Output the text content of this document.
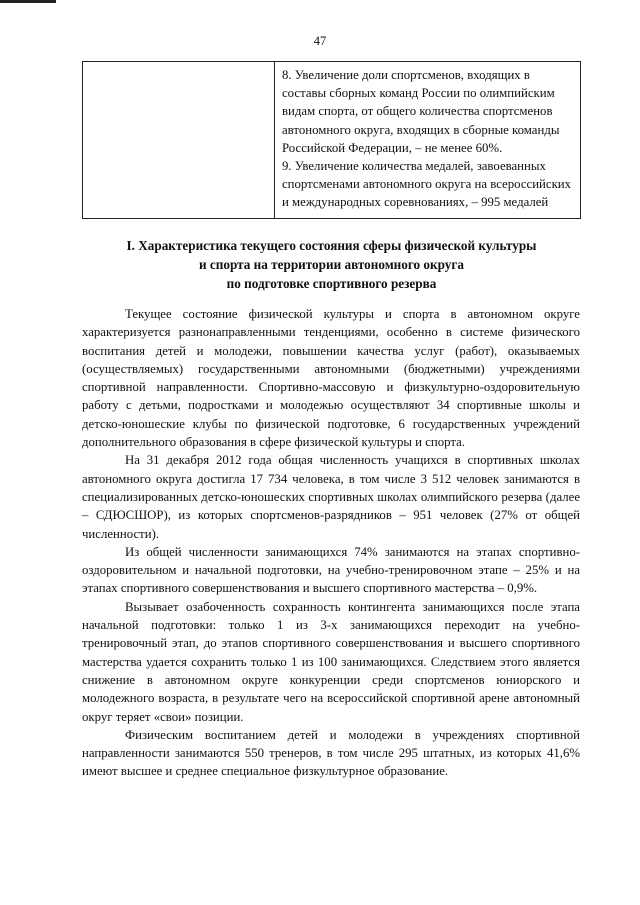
47

8. Увеличение доли спортсменов, входящих в составы сборных команд России по олимпийским видам спорта, от общего количества спортсменов автономного округа, входящих в сборные команды Российской Федерации, – не менее 60%.

9. Увеличение количества медалей, завоеванных спортсменами автономного округа на всероссийских и международных соревнованиях, – 995 медалей

I. Характеристика текущего состояния сферы физической культуры
и спорта на территории автономного округа
по подготовке спортивного резерва

Текущее состояние физической культуры и спорта в автономном округе характеризуется разнонаправленными тенденциями, особенно в системе физического воспитания детей и молодежи, повышении качества услуг (работ), оказываемых (осуществляемых) государственными автономными (бюджетными) учреждениями спортивной направленности. Спортивно-массовую и физкультурно-оздоровительную работу с детьми, подростками и молодежью осуществляют 34 спортивные школы и детско-юношеские клубы по физической подготовке, 6 государственных учреждений дополнительного образования в сфере физической культуры и спорта.

На 31 декабря 2012 года общая численность учащихся в спортивных школах автономного округа достигла 17 734 человека, в том числе 3 512 человек занимаются в специализированных детско-юношеских спортивных школах олимпийского резерва (далее – СДЮСШОР), из которых спортсменов-разрядников – 951 человек (27% от общей численности).

Из общей численности занимающихся 74% занимаются на этапах спортивно-оздоровительном и начальной подготовки, на учебно-тренировочном этапе – 25% и на этапах спортивного совершенствования и высшего спортивного мастерства – 0,9%.

Вызывает озабоченность сохранность контингента занимающихся после этапа начальной подготовки: только 1 из 3-х занимающихся переходит на учебно-тренировочный этап, до этапов спортивного совершенствования и высшего спортивного мастерства удается сохранить только 1 из 100 занимающихся. Следствием этого является снижение в автономном округе конкуренции среди спортсменов юниорского и молодежного возраста, в результате чего на всероссийской спортивной арене автономный округ теряет «свои» позиции.

Физическим воспитанием детей и молодежи в учреждениях спортивной направленности занимаются 550 тренеров, в том числе 295 штатных, из которых 41,6% имеют высшее и среднее специальное физкультурное образование.
